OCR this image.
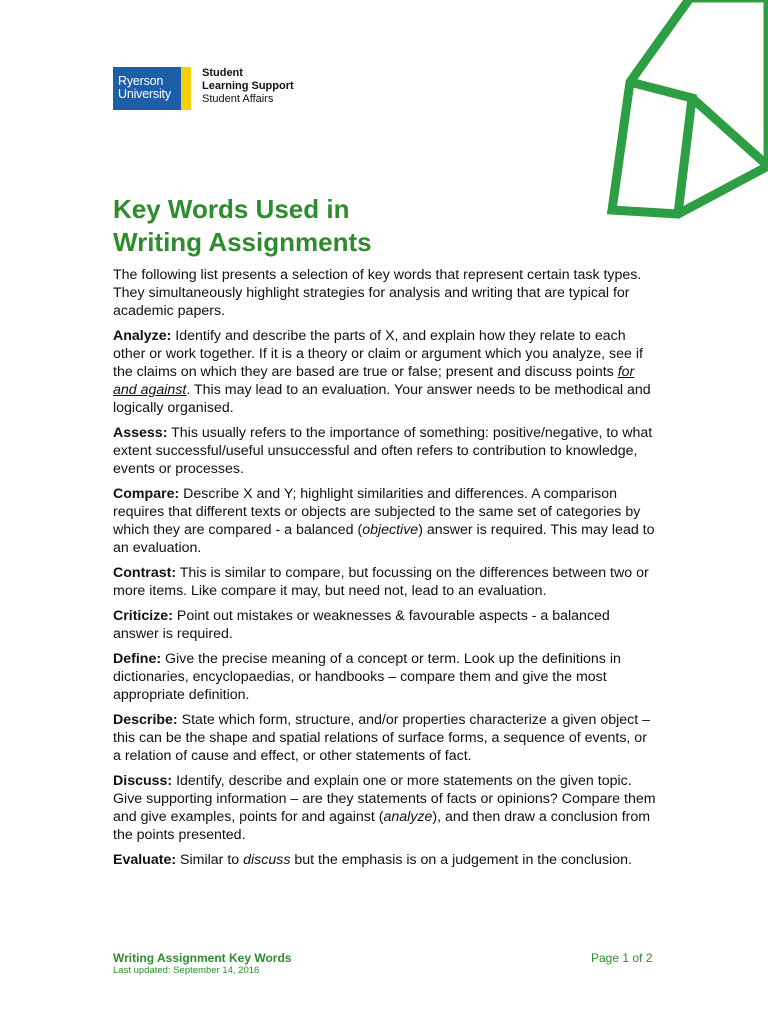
Ryerson
University
Student
Learning Support
Student Affairs
Key Words Used in
Writing Assignments

The following list presents a selection of key words that represent certain task types. They simultaneously highlight strategies for analysis and writing that are typical for academic papers.

Analyze: Identify and describe the parts of X, and explain how they relate to each other or work together. If it is a theory or claim or argument which you analyze, see if the claims on which they are based are true or false; present and discuss points for and against. This may lead to an evaluation. Your answer needs to be methodical and logically organised.

Assess: This usually refers to the importance of something: positive/negative, to what extent successful/useful unsuccessful and often refers to contribution to knowledge, events or processes.

Compare: Describe X and Y; highlight similarities and differences. A comparison requires that different texts or objects are subjected to the same set of categories by which they are compared - a balanced (objective) answer is required. This may lead to an evaluation.

Contrast: This is similar to compare, but focussing on the differences between two or more items. Like compare it may, but need not, lead to an evaluation.

Criticize: Point out mistakes or weaknesses & favourable aspects - a balanced answer is required.

Define: Give the precise meaning of a concept or term. Look up the definitions in dictionaries, encyclopaedias, or handbooks – compare them and give the most appropriate definition.

Describe: State which form, structure, and/or properties characterize a given object – this can be the shape and spatial relations of surface forms, a sequence of events, or a relation of cause and effect, or other statements of fact.

Discuss: Identify, describe and explain one or more statements on the given topic. Give supporting information – are they statements of facts or opinions? Compare them and give examples, points for and against (analyze), and then draw a conclusion from the points presented.

Evaluate: Similar to discuss but the emphasis is on a judgement in the conclusion.

Writing Assignment Key Words
Last updated: September 14, 2016
Page 1 of 2
